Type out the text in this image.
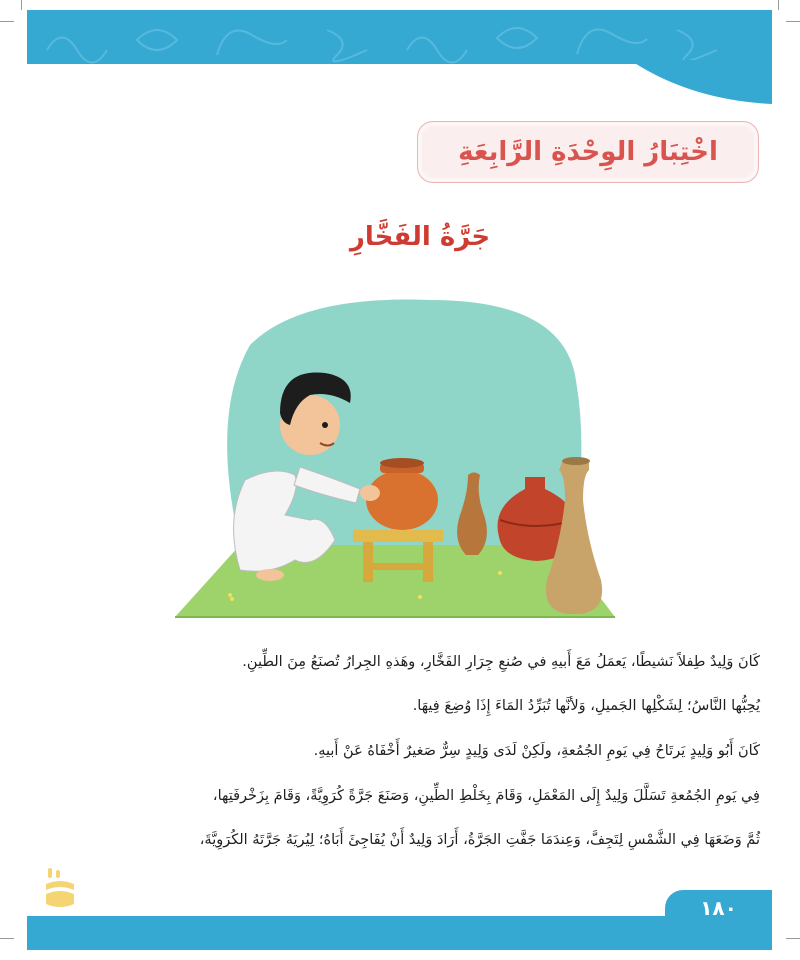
اخْتِبَارُ الوِحْدَةِ الرَّابِعَةِ
جَرَّةُ الفَخَّارِ
كَانَ وَلِيدٌ طِفلاً نَشيطًا، يَعمَلُ مَعَ أَبيهِ في صُنعِ جِرَارِ الفَخَّارِ، وهَذهِ الجِرارُ تُصنَعُ مِنَ الطِّينِ.
يُحِبُّها النَّاسُ؛ لِشَكْلِها الجَميلِ، وَلأنَّها تُبَرِّدُ المَاءَ إِذَا وُضِعَ فِيهَا.
كَانَ أَبُو وَلِيدٍ يَرتَاحُ فِي يَومِ الجُمُعةِ، ولَكِنْ لَدَى وَلِيدٍ سِرٌّ صَغيرٌ أَخْفَاهُ عَنْ أَبيهِ.
فِي يَومِ الجُمُعةِ تَسَلَّلَ وَلِيدٌ إِلَى المَعْمَلِ، وَقَامَ بِخَلْطِ الطِّينِ، وَصَنَعَ جَرَّةً كُرَوِيَّةً، وَقَامَ بِزَخْرفَتِها،
ثُمَّ وَضَعَهَا فِي الشَّمْسِ لِتَجِفَّ، وَعِندَمَا جَفَّتِ الجَرَّةُ، أَرَادَ وَلِيدٌ أَنْ يُفَاجِئَ أَبَاهُ؛ لِيُريَهُ جَرَّتَهُ الكُرَوِيَّةَ،
١٨٠
